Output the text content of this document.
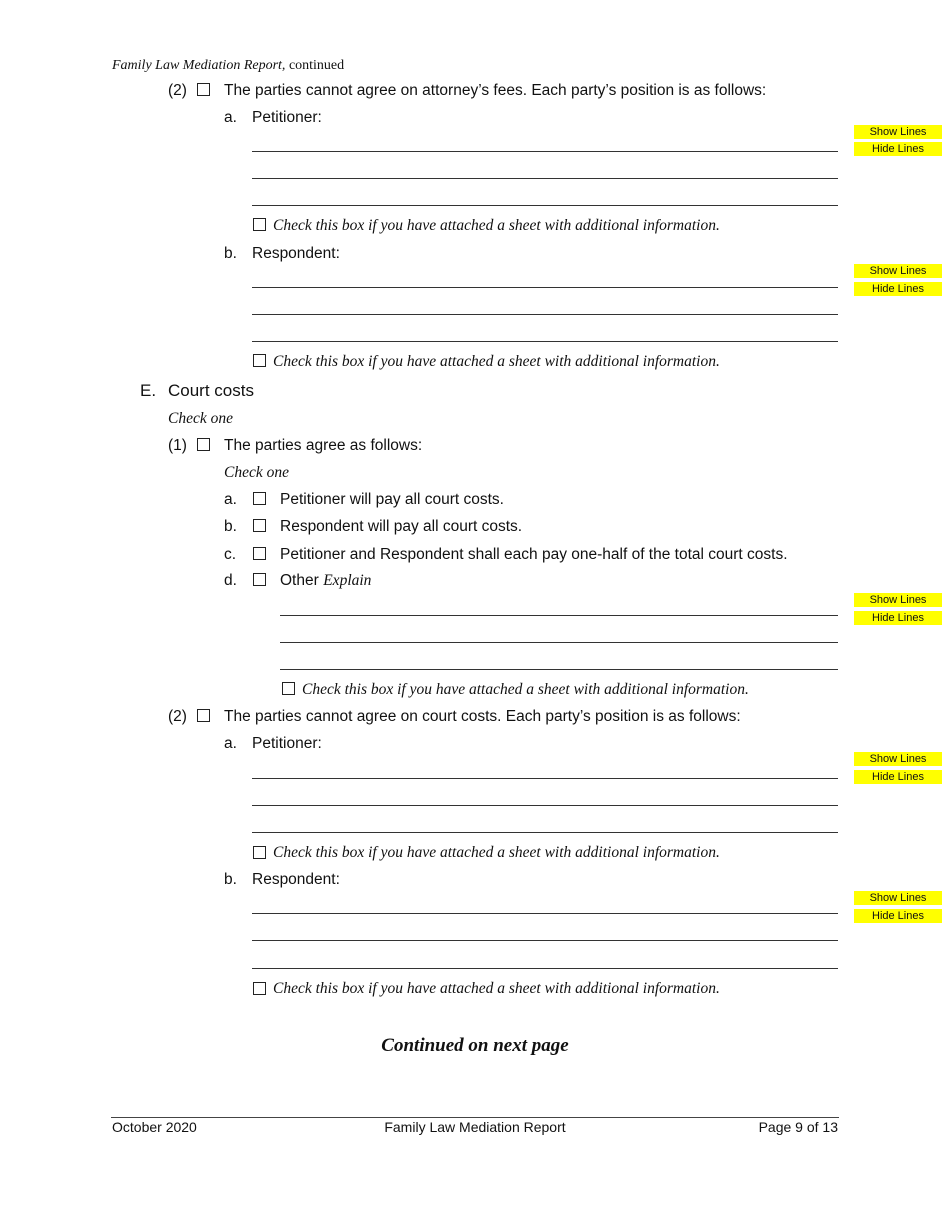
Family Law Mediation Report, continued
(2) The parties cannot agree on attorney’s fees. Each party’s position is as follows:
a. Petitioner:
Show Lines
Hide Lines
Check this box if you have attached a sheet with additional information.
b. Respondent:
Show Lines
Hide Lines
Check this box if you have attached a sheet with additional information.
E. Court costs
Check one
(1) The parties agree as follows:
Check one
a.	Petitioner will pay all court costs.
b.	Respondent will pay all court costs.
c.	Petitioner and Respondent shall each pay one-half of the total court costs.
d.	Other Explain
Show Lines
Hide Lines
Check this box if you have attached a sheet with additional information.
(2) The parties cannot agree on court costs. Each party’s position is as follows:
a. Petitioner:
Show Lines
Hide Lines
Check this box if you have attached a sheet with additional information.
b. Respondent:
Show Lines
Hide Lines
Check this box if you have attached a sheet with additional information.
Continued on next page
October 2020	Family Law Mediation Report	Page 9 of 13
